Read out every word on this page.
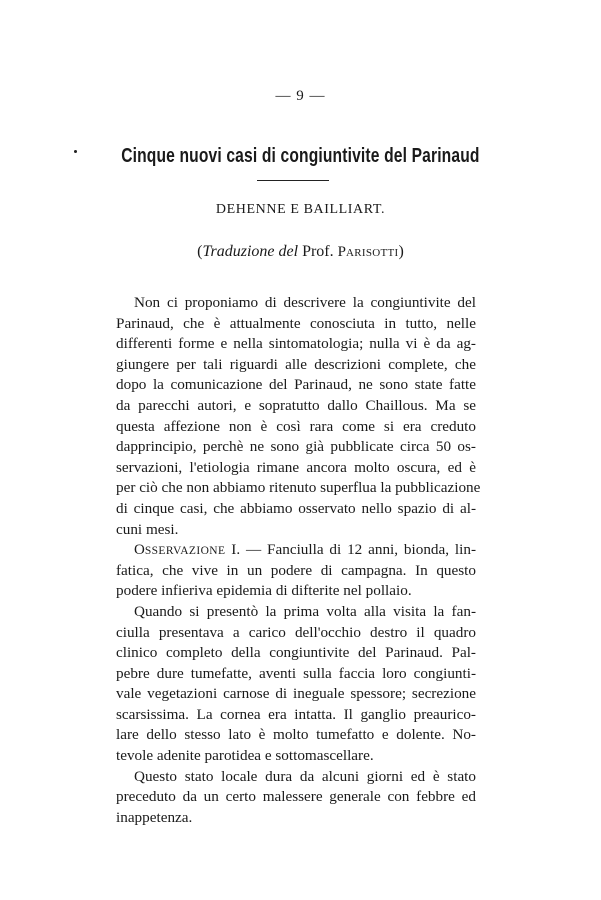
— 9 —
Cinque nuovi casi di congiuntivite del Parinaud
DEHENNE E BAILLIART.
(Traduzione del Prof. PARISOTTI)
Non ci proponiamo di descrivere la congiuntivite del
Parinaud, che è attualmente conosciuta in tutto, nelle
differenti forme e nella sintomatologia; nulla vi è da ag-
giungere per tali riguardi alle descrizioni complete, che
dopo la comunicazione del Parinaud, ne sono state fatte
da parecchi autori, e sopratutto dallo Chaillous. Ma se
questa affezione non è così rara come si era creduto
dapprincipio, perchè ne sono già pubblicate circa 50 os-
servazioni, l'etiologia rimane ancora molto oscura, ed è
per ciò che non abbiamo ritenuto superflua la pubblicazione
di cinque casi, che abbiamo osservato nello spazio di al-
cuni mesi.
OSSERVAZIONE I. — Fanciulla di 12 anni, bionda, lin-
fatica, che vive in un podere di campagna. In questo
podere infieriva epidemia di difterite nel pollaio.
Quando si presentò la prima volta alla visita la fan-
ciulla presentava a carico dell'occhio destro il quadro
clinico completo della congiuntivite del Parinaud. Pal-
pebre dure tumefatte, aventi sulla faccia loro congiunti-
vale vegetazioni carnose di ineguale spessore; secrezione
scarsissima. La cornea era intatta. Il ganglio preaurico-
lare dello stesso lato è molto tumefatto e dolente. No-
tevole adenite parotidea e sottomascellare.
Questo stato locale dura da alcuni giorni ed è stato
preceduto da un certo malessere generale con febbre ed
inappetenza.
